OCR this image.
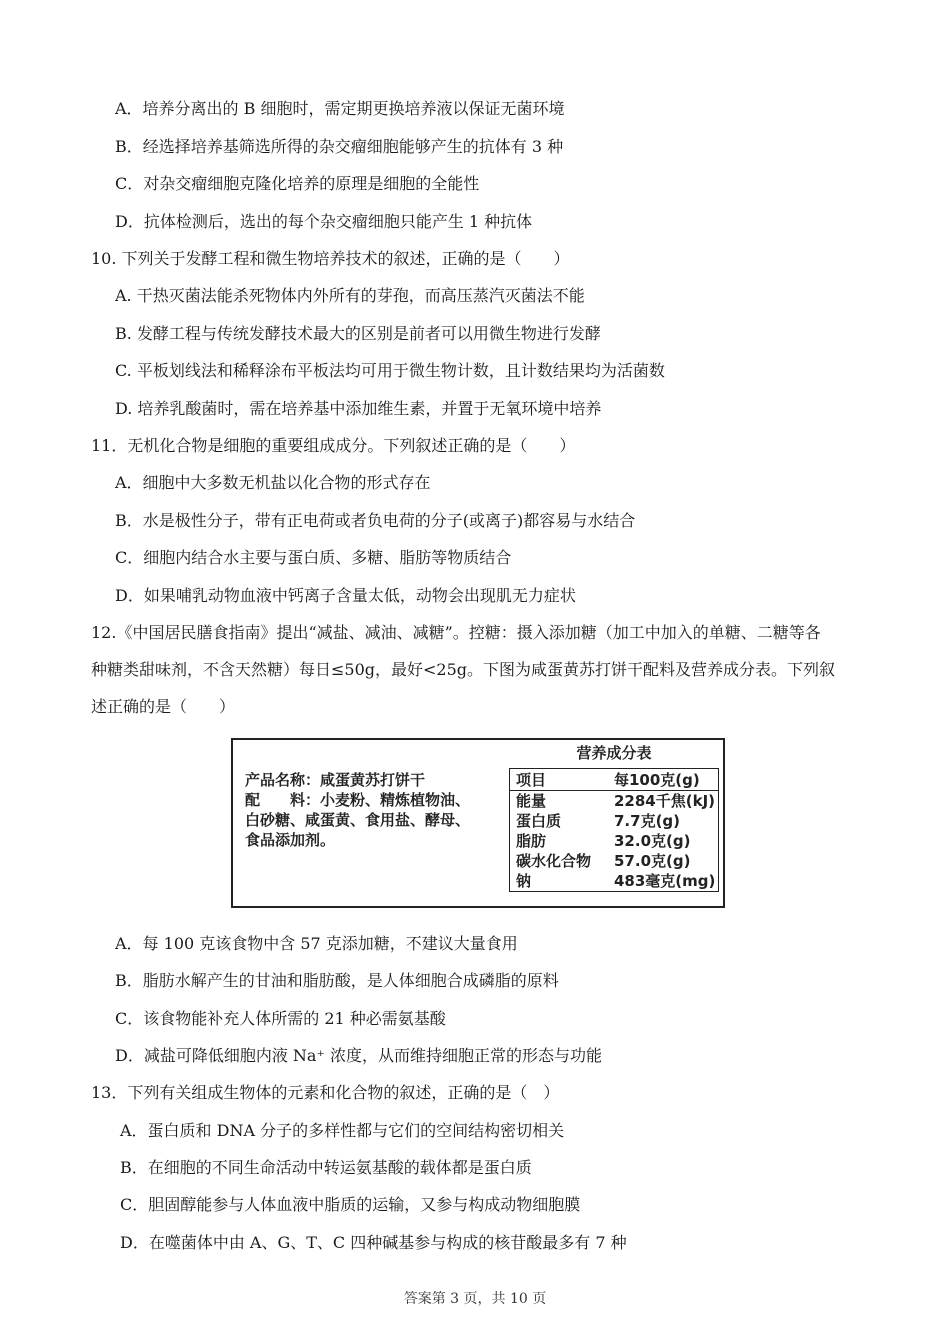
A．培养分离出的 B 细胞时，需定期更换培养液以保证无菌环境
B．经选择培养基筛选所得的杂交瘤细胞能够产生的抗体有 3 种
C．对杂交瘤细胞克隆化培养的原理是细胞的全能性
D．抗体检测后，选出的每个杂交瘤细胞只能产生 1 种抗体
10. 下列关于发酵工程和微生物培养技术的叙述，正确的是（　　）
A. 干热灭菌法能杀死物体内外所有的芽孢，而高压蒸汽灭菌法不能
B. 发酵工程与传统发酵技术最大的区别是前者可以用微生物进行发酵
C. 平板划线法和稀释涂布平板法均可用于微生物计数，且计数结果均为活菌数
D. 培养乳酸菌时，需在培养基中添加维生素，并置于无氧环境中培养
11．无机化合物是细胞的重要组成成分。下列叙述正确的是（　　）
A．细胞中大多数无机盐以化合物的形式存在
B．水是极性分子，带有正电荷或者负电荷的分子(或离子)都容易与水结合
C．细胞内结合水主要与蛋白质、多糖、脂肪等物质结合
D．如果哺乳动物血液中钙离子含量太低，动物会出现肌无力症状
12.《中国居民膳食指南》提出“减盐、减油、减糖”。控糖：摄入添加糖（加工中加入的单糖、二糖等各
种糖类甜味剂，不含天然糖）每日≤50g，最好<25g。下图为咸蛋黄苏打饼干配料及营养成分表。下列叙
述正确的是（　　）
产品名称：咸蛋黄苏打饼干
配　　料：小麦粉、精炼植物油、
白砂糖、咸蛋黄、食用盐、酵母、
食品添加剂。
营养成分表
项目	每100克(g)
能量	2284千焦(kJ)
蛋白质	7.7克(g)
脂肪	32.0克(g)
碳水化合物 57.0克(g)
钠	483毫克(mg)
A．每 100 克该食物中含 57 克添加糖，不建议大量食用
B．脂肪水解产生的甘油和脂肪酸，是人体细胞合成磷脂的原料
C．该食物能补充人体所需的 21 种必需氨基酸
D．减盐可降低细胞内液 Na⁺ 浓度，从而维持细胞正常的形态与功能
13．下列有关组成生物体的元素和化合物的叙述，正确的是（　）
A．蛋白质和 DNA 分子的多样性都与它们的空间结构密切相关
B．在细胞的不同生命活动中转运氨基酸的载体都是蛋白质
C．胆固醇能参与人体血液中脂质的运输，又参与构成动物细胞膜
D．在噬菌体中由 A、G、T、C 四种碱基参与构成的核苷酸最多有 7 种
答案第 3 页，共 10 页
